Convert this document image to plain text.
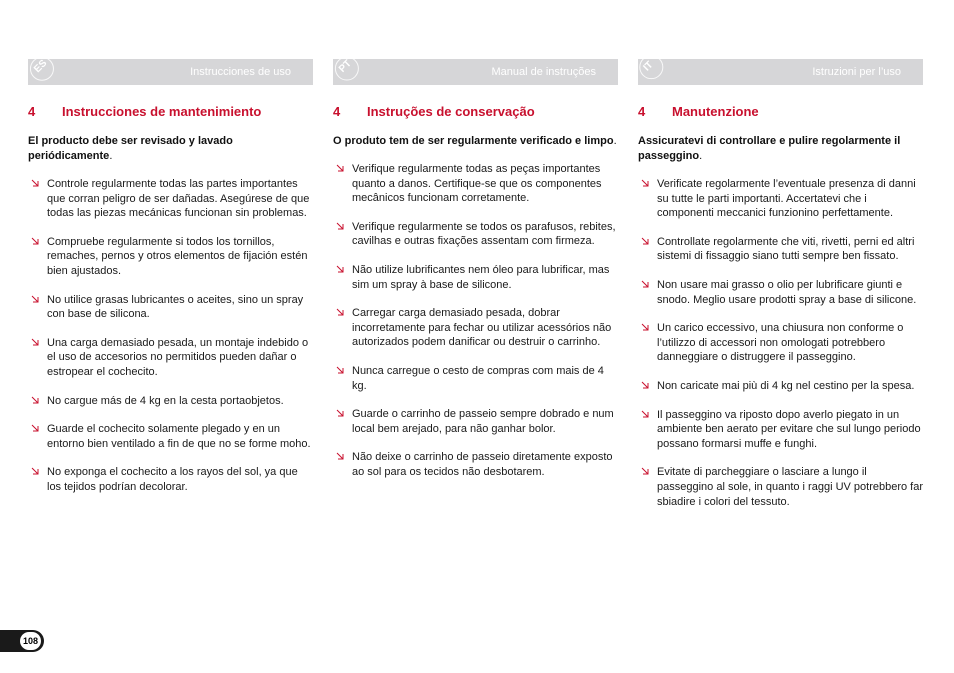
ES	Instrucciones de uso
4	Instrucciones de mantenimiento
El producto debe ser revisado y lavado periódicamente.
Controle regularmente todas las partes importantes que corran peligro de ser dañadas. Asegúrese de que todas las piezas mecánicas funcionan sin problemas.
Compruebe regularmente si todos los tornillos, remaches, pernos y otros elementos de fijación estén bien ajustados.
No utilice grasas lubricantes o aceites, sino un spray con base de silicona.
Una carga demasiado pesada, un montaje indebido o el uso de accesorios no permitidos pueden dañar o estropear el cochecito.
No cargue más de 4 kg en la cesta portaobjetos.
Guarde el cochecito solamente plegado y en un entorno bien ventilado a fin de que no se forme moho.
No exponga el cochecito a los rayos del sol, ya que los tejidos podrían decolorar.
PT	Manual de instruções
4	Instruções de conservação
O produto tem de ser regularmente verificado e limpo.
Verifique regularmente todas as peças importantes quanto a danos. Certifique-se que os componentes mecânicos funcionam corretamente.
Verifique regularmente se todos os parafusos, rebites, cavilhas e outras fixações assentam com firmeza.
Não utilize lubrificantes nem óleo para lubrificar, mas sim um spray à base de silicone.
Carregar carga demasiado pesada, dobrar incorretamente para fechar ou utilizar acessórios não autorizados podem danificar ou destruir o carrinho.
Nunca carregue o cesto de compras com mais de 4 kg.
Guarde o carrinho de passeio sempre dobrado e num local bem arejado, para não ganhar bolor.
Não deixe o carrinho de passeio diretamente exposto ao sol para os tecidos não desbotarem.
IT	Istruzioni per l’uso
4	Manutenzione
Assicuratevi di controllare e pulire regolarmente il passeggino.
Verificate regolarmente l’eventuale presenza di danni su tutte le parti importanti. Accertatevi che i componenti meccanici funzionino perfettamente.
Controllate regolarmente che viti, rivetti, perni ed altri sistemi di fissaggio siano tutti sempre ben fissato.
Non usare mai grasso o olio per lubrificare giunti e snodo. Meglio usare prodotti spray a base di silicone.
Un carico eccessivo, una chiusura non conforme o l’utilizzo di accessori non omologati potrebbero danneggiare o distruggere il passeggino.
Non caricate mai più di 4 kg nel cestino per la spesa.
Il passeggino va riposto dopo averlo piegato in un ambiente ben aerato per evitare che sul lungo periodo possano formarsi muffe e funghi.
Evitate di parcheggiare o lasciare a lungo il passeggino al sole, in quanto i raggi UV potrebbero far sbiadire i colori del tessuto.
108
